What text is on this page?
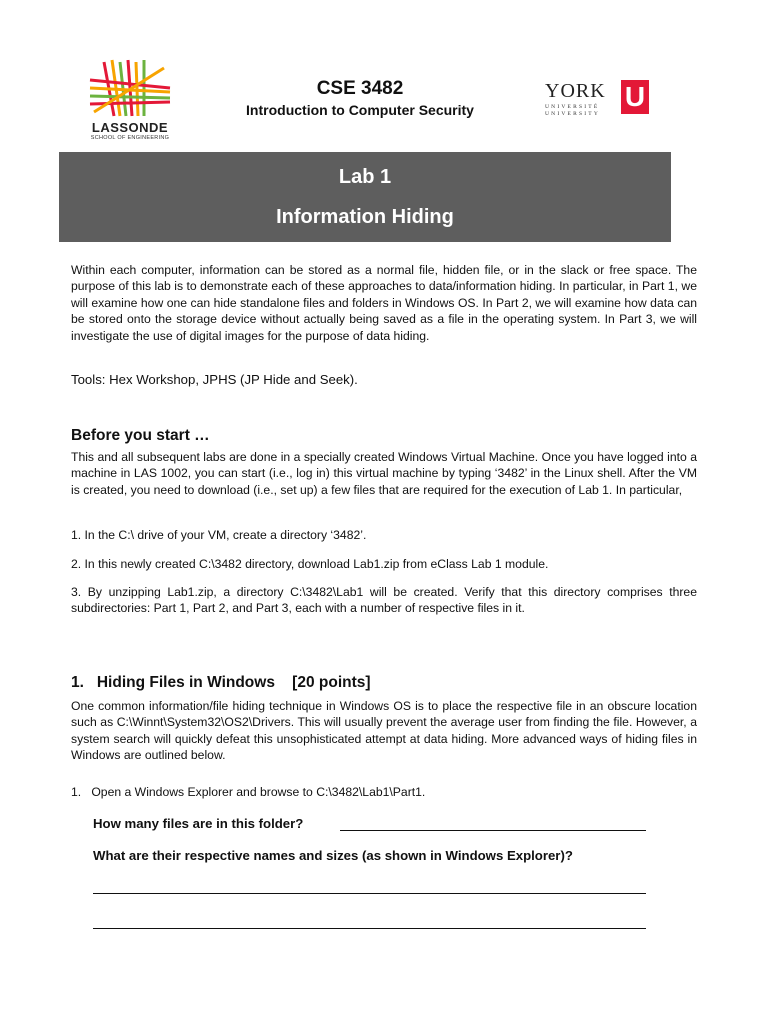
LASSONDE
SCHOOL OF ENGINEERING
CSE 3482
Introduction to Computer Security
YORK U
UNIVERSITÉ
UNIVERSITY
Lab 1
Information Hiding
Within each computer, information can be stored as a normal file, hidden file, or in the slack or free space. The purpose of this lab is to demonstrate each of these approaches to data/information hiding. In particular, in Part 1, we will examine how one can hide standalone files and folders in Windows OS. In Part 2, we will examine how data can be stored onto the storage device without actually being saved as a file in the operating system. In Part 3, we will investigate the use of digital images for the purpose of data hiding.
Tools: Hex Workshop, JPHS (JP Hide and Seek).
Before you start …
This and all subsequent labs are done in a specially created Windows Virtual Machine. Once you have logged into a machine in LAS 1002, you can start (i.e., log in) this virtual machine by typing ‘3482’ in the Linux shell. After the VM is created, you need to download (i.e., set up) a few files that are required for the execution of Lab 1. In particular,
1. In the C:\ drive of your VM, create a directory ‘3482’.
2. In this newly created C:\3482 directory, download Lab1.zip from eClass Lab 1 module.
3. By unzipping Lab1.zip, a directory C:\3482\Lab1 will be created. Verify that this directory comprises three subdirectories: Part 1, Part 2, and Part 3, each with a number of respective files in it.
1.   Hiding Files in Windows    [20 points]
One common information/file hiding technique in Windows OS is to place the respective file in an obscure location such as C:\Winnt\System32\OS2\Drivers. This will usually prevent the average user from finding the file. However, a system search will quickly defeat this unsophisticated attempt at data hiding. More advanced ways of hiding files in Windows are outlined below.
1.   Open a Windows Explorer and browse to C:\3482\Lab1\Part1.
How many files are in this folder?
What are their respective names and sizes (as shown in Windows Explorer)?
